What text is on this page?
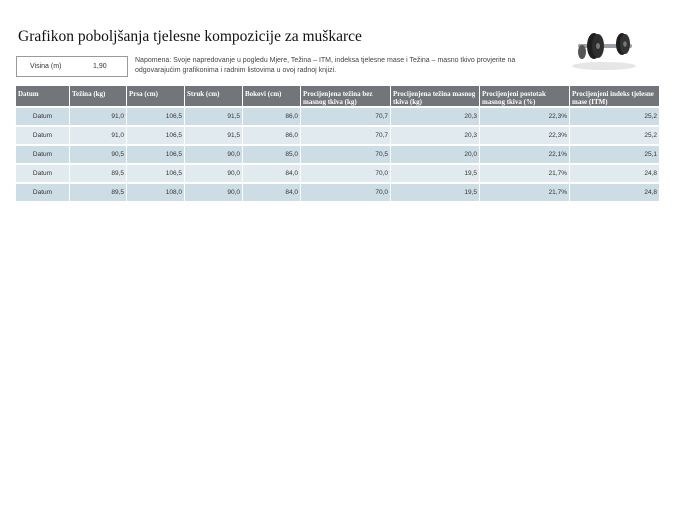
Grafikon poboljšanja tjelesne kompozicije za muškarce
Visina (m)	1,90
Napomena: Svoje napredovanje u pogledu Mjere, Težina – ITM, indeksa tjelesne mase i Težina – masno tkivo provjerite na odgovarajućim grafikonima i radnim listovima u ovoj radnoj knjizi.
Datum	Težina (kg)	Prsa (cm)	Struk (cm)	Bokovi (cm)	Procijenjena težina bez masnog tkiva (kg)	Procijenjena težina masnog tkiva (kg)	Procijenjeni postotak masnog tkiva (%)	Procijenjeni indeks tjelesne mase (ITM)
Datum	91,0	106,5	91,5	86,0	70,7	20,3	22,3%	25,2
Datum	91,0	106,5	91,5	86,0	70,7	20,3	22,3%	25,2
Datum	90,5	106,5	90,0	85,0	70,5	20,0	22,1%	25,1
Datum	89,5	106,5	90,0	84,0	70,0	19,5	21,7%	24,8
Datum	89,5	108,0	90,0	84,0	70,0	19,5	21,7%	24,8
